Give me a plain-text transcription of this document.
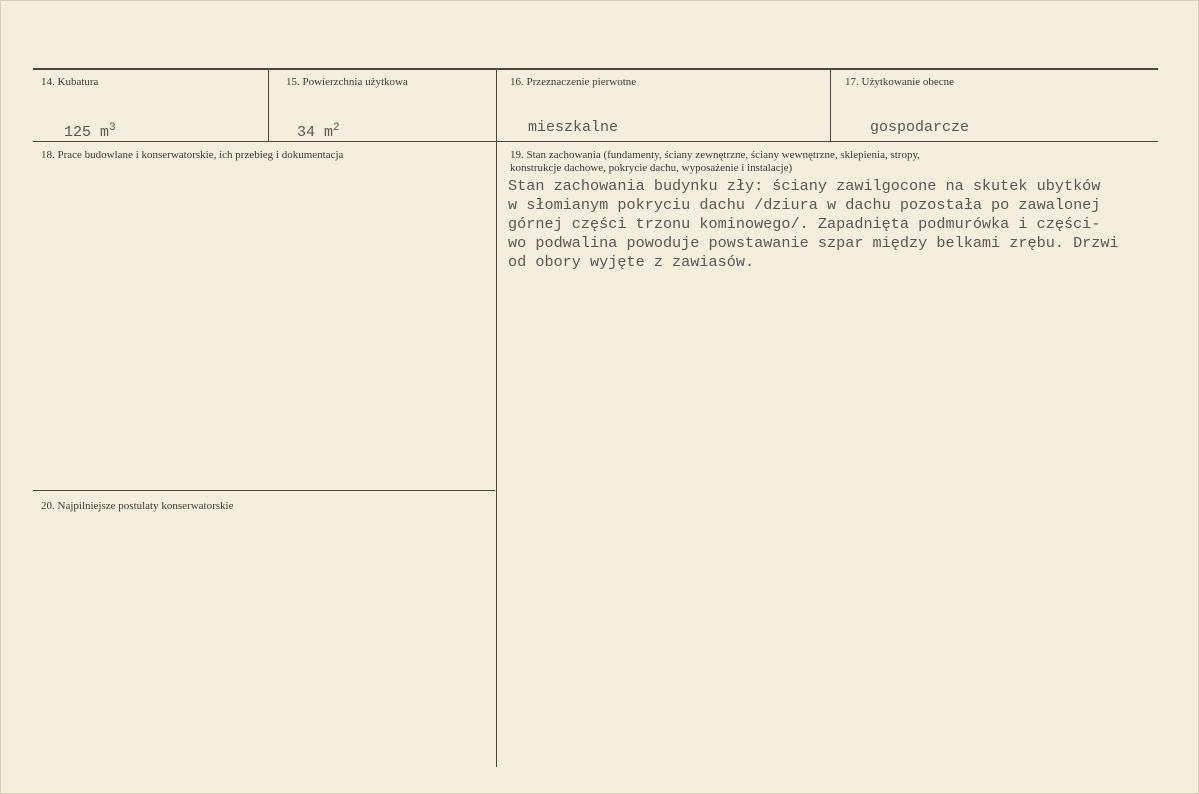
14. Kubatura
125 $m^3$
15. Powierzchnia użytkowa
34 $m^2$
16. Przeznaczenie pierwotne
mieszkalne
17. Użytkowanie obecne
gospodarcze
18. Prace budowlane i konserwatorskie, ich przebieg i dokumentacja	19. Stan zachowania (fundamenty, ściany zewnętrzne, ściany wewnętrzne, sklepienia, stropy,
konstrukcje dachowe, pokrycie dachu, wyposażenie i instalacje)
Stan zachowania budynku zły: ściany zawilgocone na skutek ubytków
w słomianym pokryciu dachu /dziura w dachu pozostała po zawalonej
górnej części trzonu kominowego/. Zapadnięta podmurówka i części-
wo podwalina powoduje powstawanie szpar między belkami zrębu. Drzwi
od obory wyjęte z zawiasów.
20. Najpilniejsze postulaty konserwatorskie
